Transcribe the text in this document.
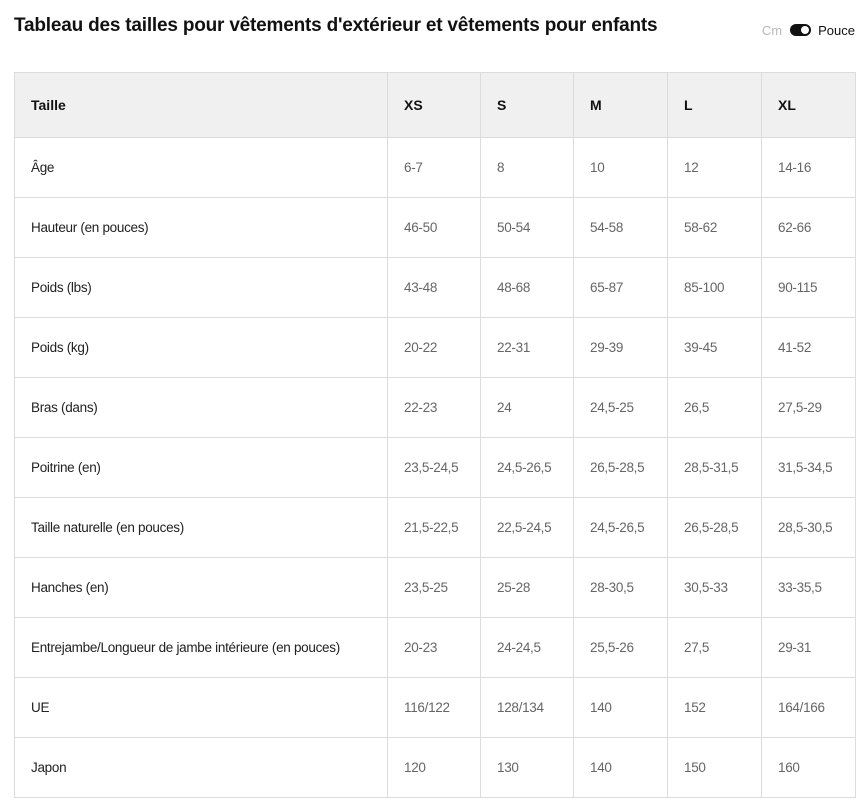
Tableau des tailles pour vêtements d'extérieur et vêtements pour enfants	Cm	Pouce
Taille	XS	S	M	L	XL
Âge	6-7	8	10	12	14-16
Hauteur (en pouces)	46-50	50-54	54-58	58-62	62-66
Poids (lbs)	43-48	48-68	65-87	85-100	90-115
Poids (kg)	20-22	22-31	29-39	39-45	41-52
Bras (dans)	22-23	24	24,5-25	26,5	27,5-29
Poitrine (en)	23,5-24,5	24,5-26,5	26,5-28,5	28,5-31,5	31,5-34,5
Taille naturelle (en pouces)	21,5-22,5	22,5-24,5	24,5-26,5	26,5-28,5	28,5-30,5
Hanches (en)	23,5-25	25-28	28-30,5	30,5-33	33-35,5
Entrejambe/Longueur de jambe intérieure (en pouces)	20-23	24-24,5	25,5-26	27,5	29-31
UE	116/122	128/134	140	152	164/166
Japon	120	130	140	150	160
